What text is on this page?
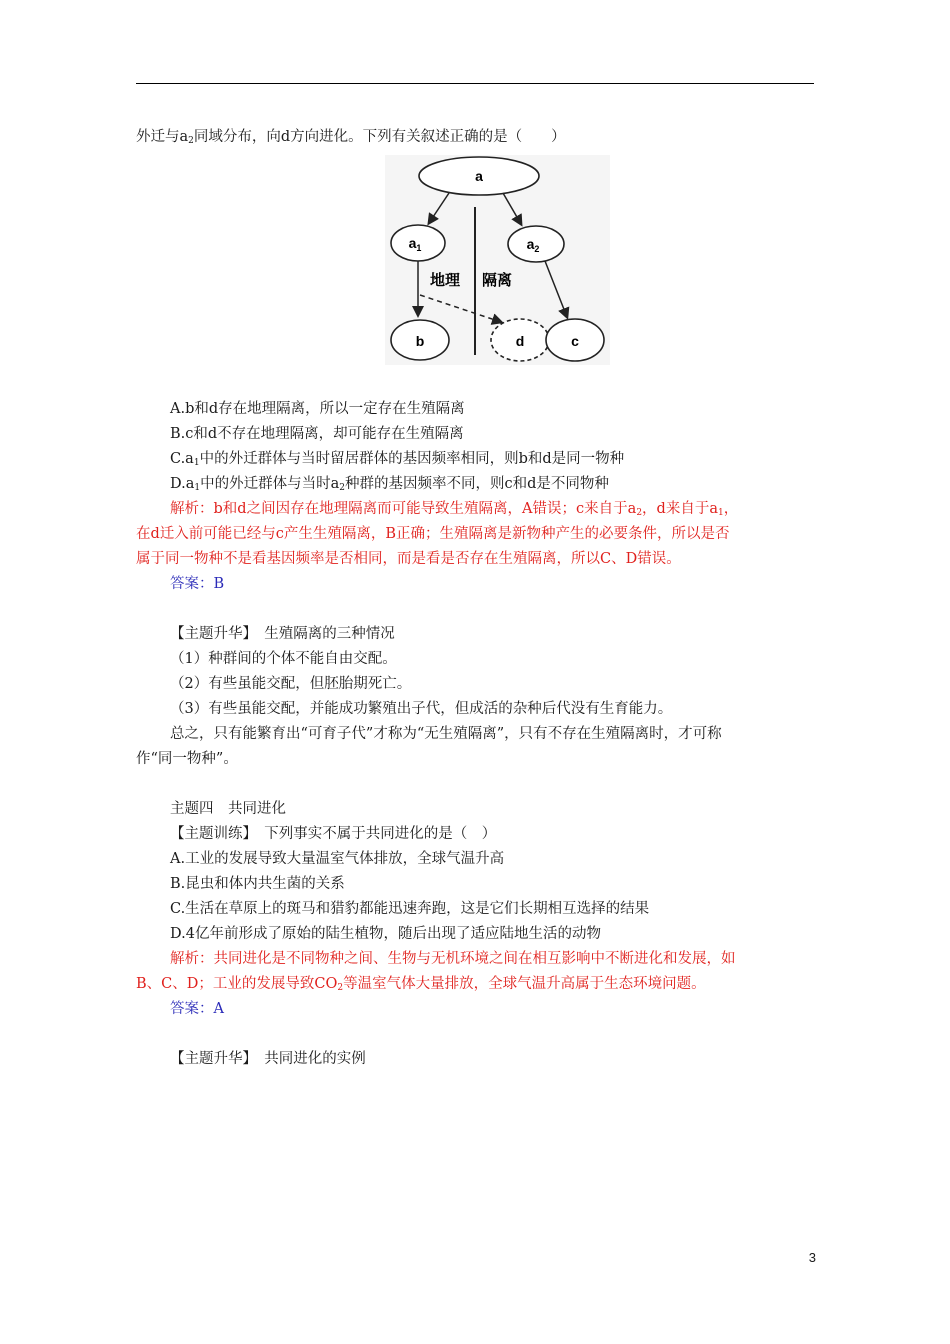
外迁与$a_2$同域分布，向d方向进化。下列有关叙述正确的是（　　）
a
$a_1$	$a_2$
地理 隔离
b	d	c
A.b和d存在地理隔离，所以一定存在生殖隔离
B.c和d不存在地理隔离，却可能存在生殖隔离
$C.a_1$中的外迁群体与当时留居群体的基因频率相同，则b和d是同一物种
$D.a_1$中的外迁群体与当时$a_2$种群的基因频率不同，则c和d是不同物种
解析：b和d之间因存在地理隔离而可能导致生殖隔离，A错误；c来自于$a_2$，d来自于$a_1$，
在d迁入前可能已经与c产生生殖隔离，B正确；生殖隔离是新物种产生的必要条件，所以是否
属于同一物种不是看基因频率是否相同，而是看是否存在生殖隔离，所以C、D错误。
答案：B
【主题升华】　生殖隔离的三种情况
（1）种群间的个体不能自由交配。
（2）有些虽能交配，但胚胎期死亡。
（3）有些虽能交配，并能成功繁殖出子代，但成活的杂种后代没有生育能力。
总之，只有能繁育出“可育子代”才称为“无生殖隔离”，只有不存在生殖隔离时，才可称
作“同一物种”。
主题四　共同进化
【主题训练】　下列事实不属于共同进化的是（　）
A.工业的发展导致大量温室气体排放，全球气温升高
B.昆虫和体内共生菌的关系
C.生活在草原上的斑马和猎豹都能迅速奔跑，这是它们长期相互选择的结果
D.4亿年前形成了原始的陆生植物，随后出现了适应陆地生活的动物
解析：共同进化是不同物种之间、生物与无机环境之间在相互影响中不断进化和发展，如
B、C、D；工业的发展导致$CO_2$等温室气体大量排放，全球气温升高属于生态环境问题。
答案：A
【主题升华】　共同进化的实例
3
